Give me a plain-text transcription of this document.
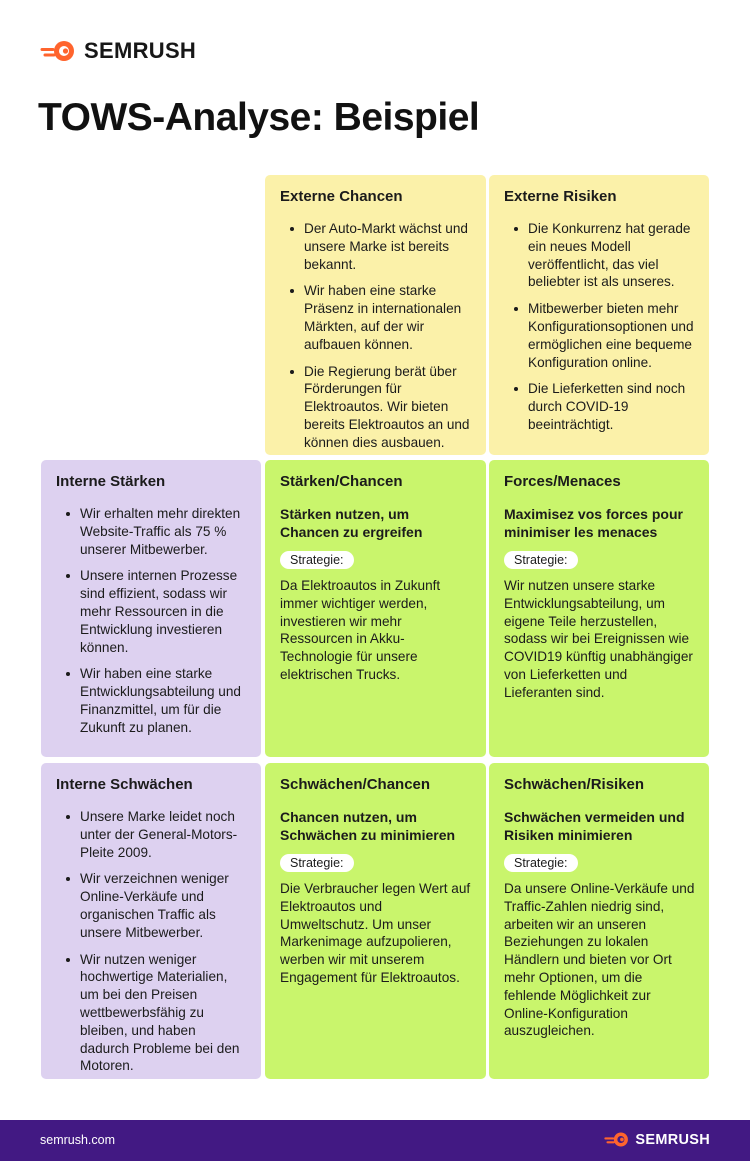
SEMRUSH
TOWS-Analyse: Beispiel
Externe Chancen
Der Auto-Markt wächst und unsere Marke ist bereits bekannt.
Wir haben eine starke Präsenz in internationalen Märkten, auf der wir aufbauen können.
Die Regierung berät über Förderungen für Elektroautos. Wir bieten bereits Elektroautos an und können dies ausbauen.
Externe Risiken
Die Konkurrenz hat gerade ein neues Modell veröffentlicht, das viel beliebter ist als unseres.
Mitbewerber bieten mehr Konfigurationsoptionen und ermöglichen eine bequeme Konfiguration online.
Die Lieferketten sind noch durch COVID-19 beeinträchtigt.
Interne Stärken
Wir erhalten mehr direkten Website-Traffic als 75 % unserer Mitbewerber.
Unsere internen Prozesse sind effizient, sodass wir mehr Ressourcen in die Entwicklung investieren können.
Wir haben eine starke Entwicklungsabteilung und Finanzmittel, um für die Zukunft zu planen.
Stärken/Chancen

Stärken nutzen, um Chancen zu ergreifen

Strategie:

Da Elektroautos in Zukunft immer wichtiger werden, investieren wir mehr Ressourcen in Akku-Technologie für unsere elektrischen Trucks.

Forces/Menaces

Maximisez vos forces pour minimiser les menaces

Strategie:

Wir nutzen unsere starke Entwicklungsabteilung, um eigene Teile herzustellen, sodass wir bei Ereignissen wie COVID19 künftig unabhängiger von Lieferketten und Lieferanten sind.

Interne Schwächen
Unsere Marke leidet noch unter der General-Motors-Pleite 2009.
Wir verzeichnen weniger Online-Verkäufe und organischen Traffic als unsere Mitbewerber.
Wir nutzen weniger hochwertige Materialien, um bei den Preisen wettbewerbsfähig zu bleiben, und haben dadurch Probleme bei den Motoren.
Schwächen/Chancen

Chancen nutzen, um Schwächen zu minimieren

Strategie:

Die Verbraucher legen Wert auf Elektroautos und Umweltschutz. Um unser Markenimage aufzupolieren, werben wir mit unserem Engagement für Elektroautos.

Schwächen/Risiken

Schwächen vermeiden und Risiken minimieren

Strategie:

Da unsere Online-Verkäufe und Traffic-Zahlen niedrig sind, arbeiten wir an unseren Beziehungen zu lokalen Händlern und bieten vor Ort mehr Optionen, um die fehlende Möglichkeit zur Online-Konfiguration auszugleichen.

semrush.com	SEMRUSH
